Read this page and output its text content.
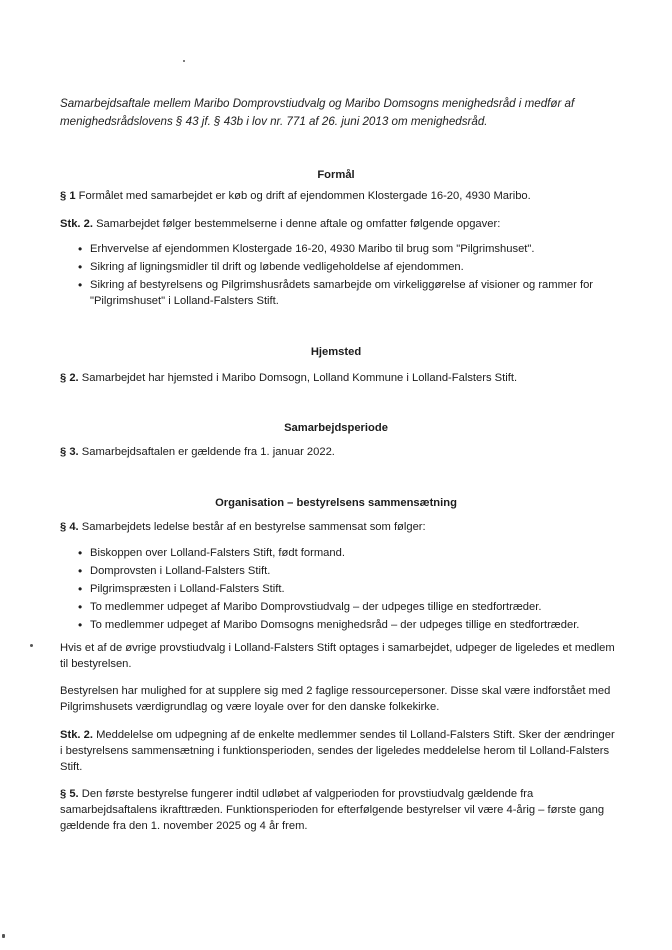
Samarbejdsaftale mellem Maribo Domprovstiudvalg og Maribo Domsogns menighedsråd i medfør af menighedsrådslovens § 43 jf. § 43b i lov nr. 771 af 26. juni 2013 om menighedsråd.
Formål
§ 1 Formålet med samarbejdet er køb og drift af ejendommen Klostergade 16-20, 4930 Maribo.
Stk. 2. Samarbejdet følger bestemmelserne i denne aftale og omfatter følgende opgaver:
• Erhvervelse af ejendommen Klostergade 16-20, 4930 Maribo til brug som "Pilgrimshuset".
• Sikring af ligningsmidler til drift og løbende vedligeholdelse af ejendommen.
• Sikring af bestyrelsens og Pilgrimshusrådets samarbejde om virkeliggørelse af visioner og rammer for "Pilgrimshuset" i Lolland-Falsters Stift.
Hjemsted
§ 2. Samarbejdet har hjemsted i Maribo Domsogn, Lolland Kommune i Lolland-Falsters Stift.
Samarbejdsperiode
§ 3. Samarbejdsaftalen er gældende fra 1. januar 2022.
Organisation – bestyrelsens sammensætning
§ 4. Samarbejdets ledelse består af en bestyrelse sammensat som følger:
• Biskoppen over Lolland-Falsters Stift, født formand.
• Domprovsten i Lolland-Falsters Stift.
• Pilgrimspræsten i Lolland-Falsters Stift.
• To medlemmer udpeget af Maribo Domprovstiudvalg – der udpeges tillige en stedfortræder.
• To medlemmer udpeget af Maribo Domsogns menighedsråd – der udpeges tillige en stedfortræder.
Hvis et af de øvrige provstiudvalg i Lolland-Falsters Stift optages i samarbejdet, udpeger de ligeledes et medlem til bestyrelsen.
Bestyrelsen har mulighed for at supplere sig med 2 faglige ressourcepersoner. Disse skal være indforstået med Pilgrimshusets værdigrundlag og være loyale over for den danske folkekirke.
Stk. 2. Meddelelse om udpegning af de enkelte medlemmer sendes til Lolland-Falsters Stift. Sker der ændringer i bestyrelsens sammensætning i funktionsperioden, sendes der ligeledes meddelelse herom til Lolland-Falsters Stift.
§ 5. Den første bestyrelse fungerer indtil udløbet af valgperioden for provstiudvalg gældende fra samarbejdsaftalens ikrafttræden. Funktionsperioden for efterfølgende bestyrelser vil være 4-årig – første gang gældende fra den 1. november 2025 og 4 år frem.
